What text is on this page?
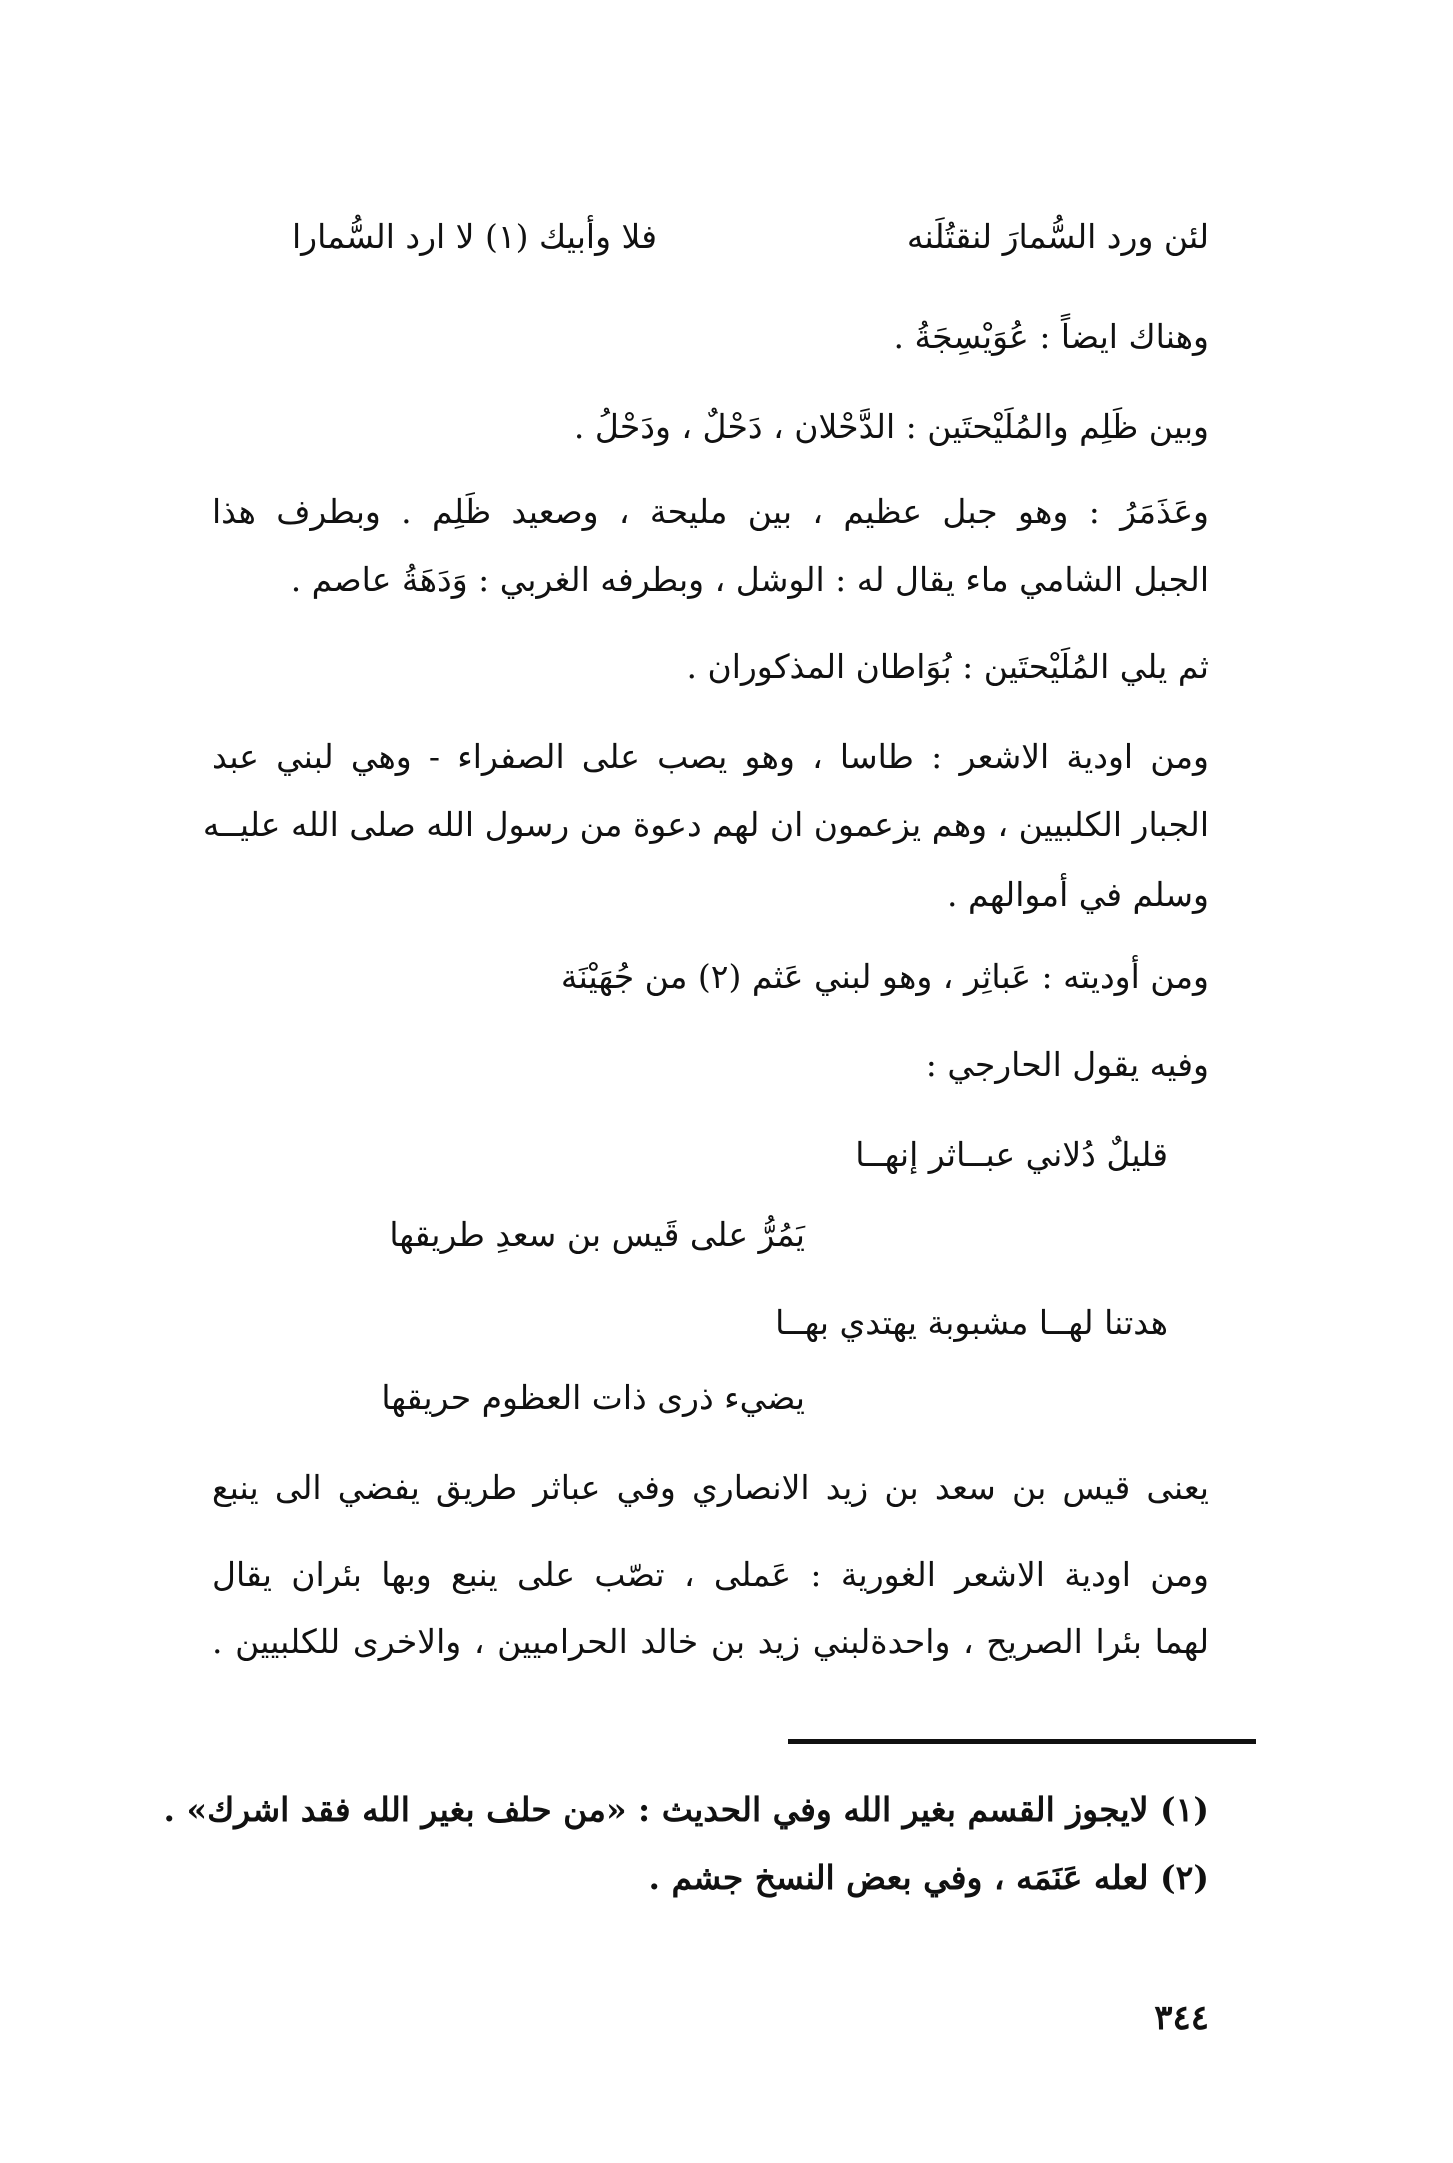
لئن ورد السُّمارَ لنقتُلَنه
فلا وأبيك (١) لا ارد السُّمارا
وهناك ايضاً : عُوَيْسِجَةُ .
وبين ظَلِم والمُلَيْحتَين : الدَّحْلان ، دَحْلٌ ، ودَحْلُ .
وعَذَمَرُ : وهو جبل عظيم ، بين مليحة ، وصعيد ظَلِم . وبطرف هذا
الجبل الشامي ماء يقال له : الوشل ، وبطرفه الغربي : وَدَهَةُ عاصم .
ثم يلي المُلَيْحتَين : بُوَاطان المذكوران .
ومن اودية الاشعر : طاسا ، وهو يصب على الصفراء - وهي لبني عبد
الجبار الكلبيين ، وهم يزعمون ان لهم دعوة من رسول الله صلى الله عليــه
وسلم في أموالهم .
ومن أوديته : عَباثِر ، وهو لبني عَثم (٢) من جُهَيْنَة
وفيه يقول الحارجي :
قليلٌ دُلاني عبــاثر إنهــا
يَمُرُّ على قَيس بن سعدِ طريقها
هدتنا لهــا مشبوبة يهتدي بهــا
يضيء ذرى ذات العظوم حريقها
يعنى قيس بن سعد بن زيد الانصاري وفي عباثر طريق يفضي الى ينبع
ومن اودية الاشعر الغورية : عَملى ، تصّب على ينبع وبها بئران يقال
لهما بئرا الصريح ، واحدةلبني زيد بن خالد الحراميين ، والاخرى للكلبيين .
(١) لايجوز القسم بغير الله وفي الحديث : «من حلف بغير الله فقد اشرك» .
(٢) لعله عَنَمَه ، وفي بعض النسخ جشم .
٣٤٤
